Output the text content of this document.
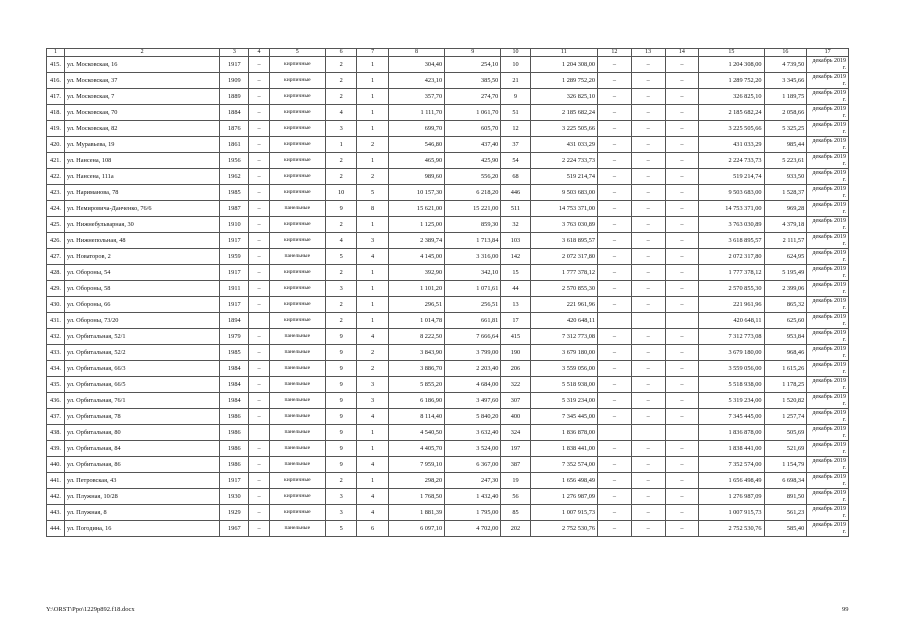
1	2	3	4	5	6	7	8	9	10	11	12	13	14	15	16	17
415.	ул. Московская, 16	1917	–	кирпичные	2	1	304,40	254,10	10	1 204 308,00	–	–	–	1 204 308,00	4 739,50	декабрь 2019 г.
416.	ул. Московская, 37	1909	–	кирпичные	2	1	423,10	385,50	21	1 289 752,20	–	–	–	1 289 752,20	3 345,66	декабрь 2019 г.
417.	ул. Московская, 7	1889	–	кирпичные	2	1	357,70	274,70	9	326 825,10	–	–	–	326 825,10	1 189,75	декабрь 2019 г.
418.	ул. Московская, 70	1884	–	кирпичные	4	1	1 111,70	1 061,70	51	2 185 682,24	–	–	–	2 185 682,24	2 058,66	декабрь 2019 г.
419.	ул. Московская, 82	1876	–	кирпичные	3	1	699,70	605,70	12	3 225 505,66	–	–	–	3 225 505,66	5 325,25	декабрь 2019 г.
420.	ул. Муравьева, 19	1861	–	кирпичные	1	2	546,80	437,40	37	431 033,29	–	–	–	431 033,29	985,44	декабрь 2019 г.
421.	ул. Нансена, 108	1956	–	кирпичные	2	1	465,90	425,90	54	2 224 733,73	–	–	–	2 224 733,73	5 223,61	декабрь 2019 г.
422.	ул. Нансена, 111а	1962	–	кирпичные	2	2	989,60	556,20	68	519 214,74	–	–	–	519 214,74	933,50	декабрь 2019 г.
423.	ул. Нариманова, 78	1985	–	кирпичные	10	5	10 157,30	6 218,20	446	9 503 683,00	–	–	–	9 503 683,00	1 528,37	декабрь 2019 г.
424.	ул. Немировича-Данченко, 76/6	1987	–	панельные	9	8	15 621,00	15 221,00	511	14 753 371,00	–	–	–	14 753 371,00	969,28	декабрь 2019 г.
425.	ул. Нижнебульварная, 30	1910	–	кирпичные	2	1	1 125,00	859,30	32	3 763 030,89	–	–	–	3 763 030,89	4 379,18	декабрь 2019 г.
426.	ул. Нижнепольная, 48	1917	–	кирпичные	4	3	2 389,74	1 713,84	103	3 618 895,57	–	–	–	3 618 895,57	2 111,57	декабрь 2019 г.
427.	ул. Новаторов, 2	1959	–	панельные	5	4	4 145,00	3 316,00	142	2 072 317,80	–	–	–	2 072 317,80	624,95	декабрь 2019 г.
428.	ул. Обороны, 54	1917	–	кирпичные	2	1	392,90	342,10	15	1 777 378,12	–	–	–	1 777 378,12	5 195,49	декабрь 2019 г.
429.	ул. Обороны, 58	1911	–	кирпичные	3	1	1 101,20	1 071,61	44	2 570 855,30	–	–	–	2 570 855,30	2 399,06	декабрь 2019 г.
430.	ул. Обороны, 66	1917	–	кирпичные	2	1	296,51	256,51	13	221 961,96	–	–	–	221 961,96	865,32	декабрь 2019 г.
431.	ул. Обороны, 73/20	1894		кирпичные	2	1	1 014,78	661,81	17	420 648,11				420 648,11	625,60	декабрь 2019 г.
432.	ул. Орбитальная, 52/1	1979	–	панельные	9	4	8 222,50	7 666,64	415	7 312 773,08	–	–	–	7 312 773,08	953,84	декабрь 2019 г.
433.	ул. Орбитальная, 52/2	1985	–	панельные	9	2	3 843,90	3 799,00	190	3 679 180,00	–	–	–	3 679 180,00	968,46	декабрь 2019 г.
434.	ул. Орбитальная, 66/3	1984	–	панельные	9	2	3 886,70	2 203,40	206	3 559 056,00	–	–	–	3 559 056,00	1 615,26	декабрь 2019 г.
435.	ул. Орбитальная, 66/5	1984	–	панельные	9	3	5 855,20	4 684,00	322	5 518 938,00	–	–	–	5 518 938,00	1 178,25	декабрь 2019 г.
436.	ул. Орбитальная, 76/1	1984	–	панельные	9	3	6 186,90	3 497,60	307	5 319 234,00	–	–	–	5 319 234,00	1 520,82	декабрь 2019 г.
437.	ул. Орбитальная, 78	1986	–	панельные	9	4	8 114,40	5 840,20	400	7 345 445,00	–	–	–	7 345 445,00	1 257,74	декабрь 2019 г.
438.	ул. Орбитальная, 80	1986		панельные	9	1	4 540,50	3 632,40	324	1 836 878,00				1 836 878,00	505,69	декабрь 2019 г.
439.	ул. Орбитальная, 84	1986	–	панельные	9	1	4 405,70	3 524,00	197	1 838 441,00	–	–	–	1 838 441,00	521,69	декабрь 2019 г.
440.	ул. Орбитальная, 86	1986	–	панельные	9	4	7 959,10	6 367,00	387	7 352 574,00	–	–	–	7 352 574,00	1 154,79	декабрь 2019 г.
441.	ул. Петровская, 43	1917	–	кирпичные	2	1	298,20	247,30	19	1 656 498,49	–	–	–	1 656 498,49	6 698,34	декабрь 2019 г.
442.	ул. Плужная, 10/28	1930	–	кирпичные	3	4	1 768,50	1 432,40	56	1 276 987,09	–	–	–	1 276 987,09	891,50	декабрь 2019 г.
443.	ул. Плужная, 8	1929	–	кирпичные	3	4	1 881,39	1 795,00	85	1 007 915,73	–	–	–	1 007 915,73	561,23	декабрь 2019 г.
444.	ул. Погодина, 16	1967	–	панельные	5	6	6 097,10	4 702,00	202	2 752 530,76	–	–	–	2 752 530,76	585,40	декабрь 2019 г.
Y:\ORST\Ppo\1229p892.f18.docx	99
